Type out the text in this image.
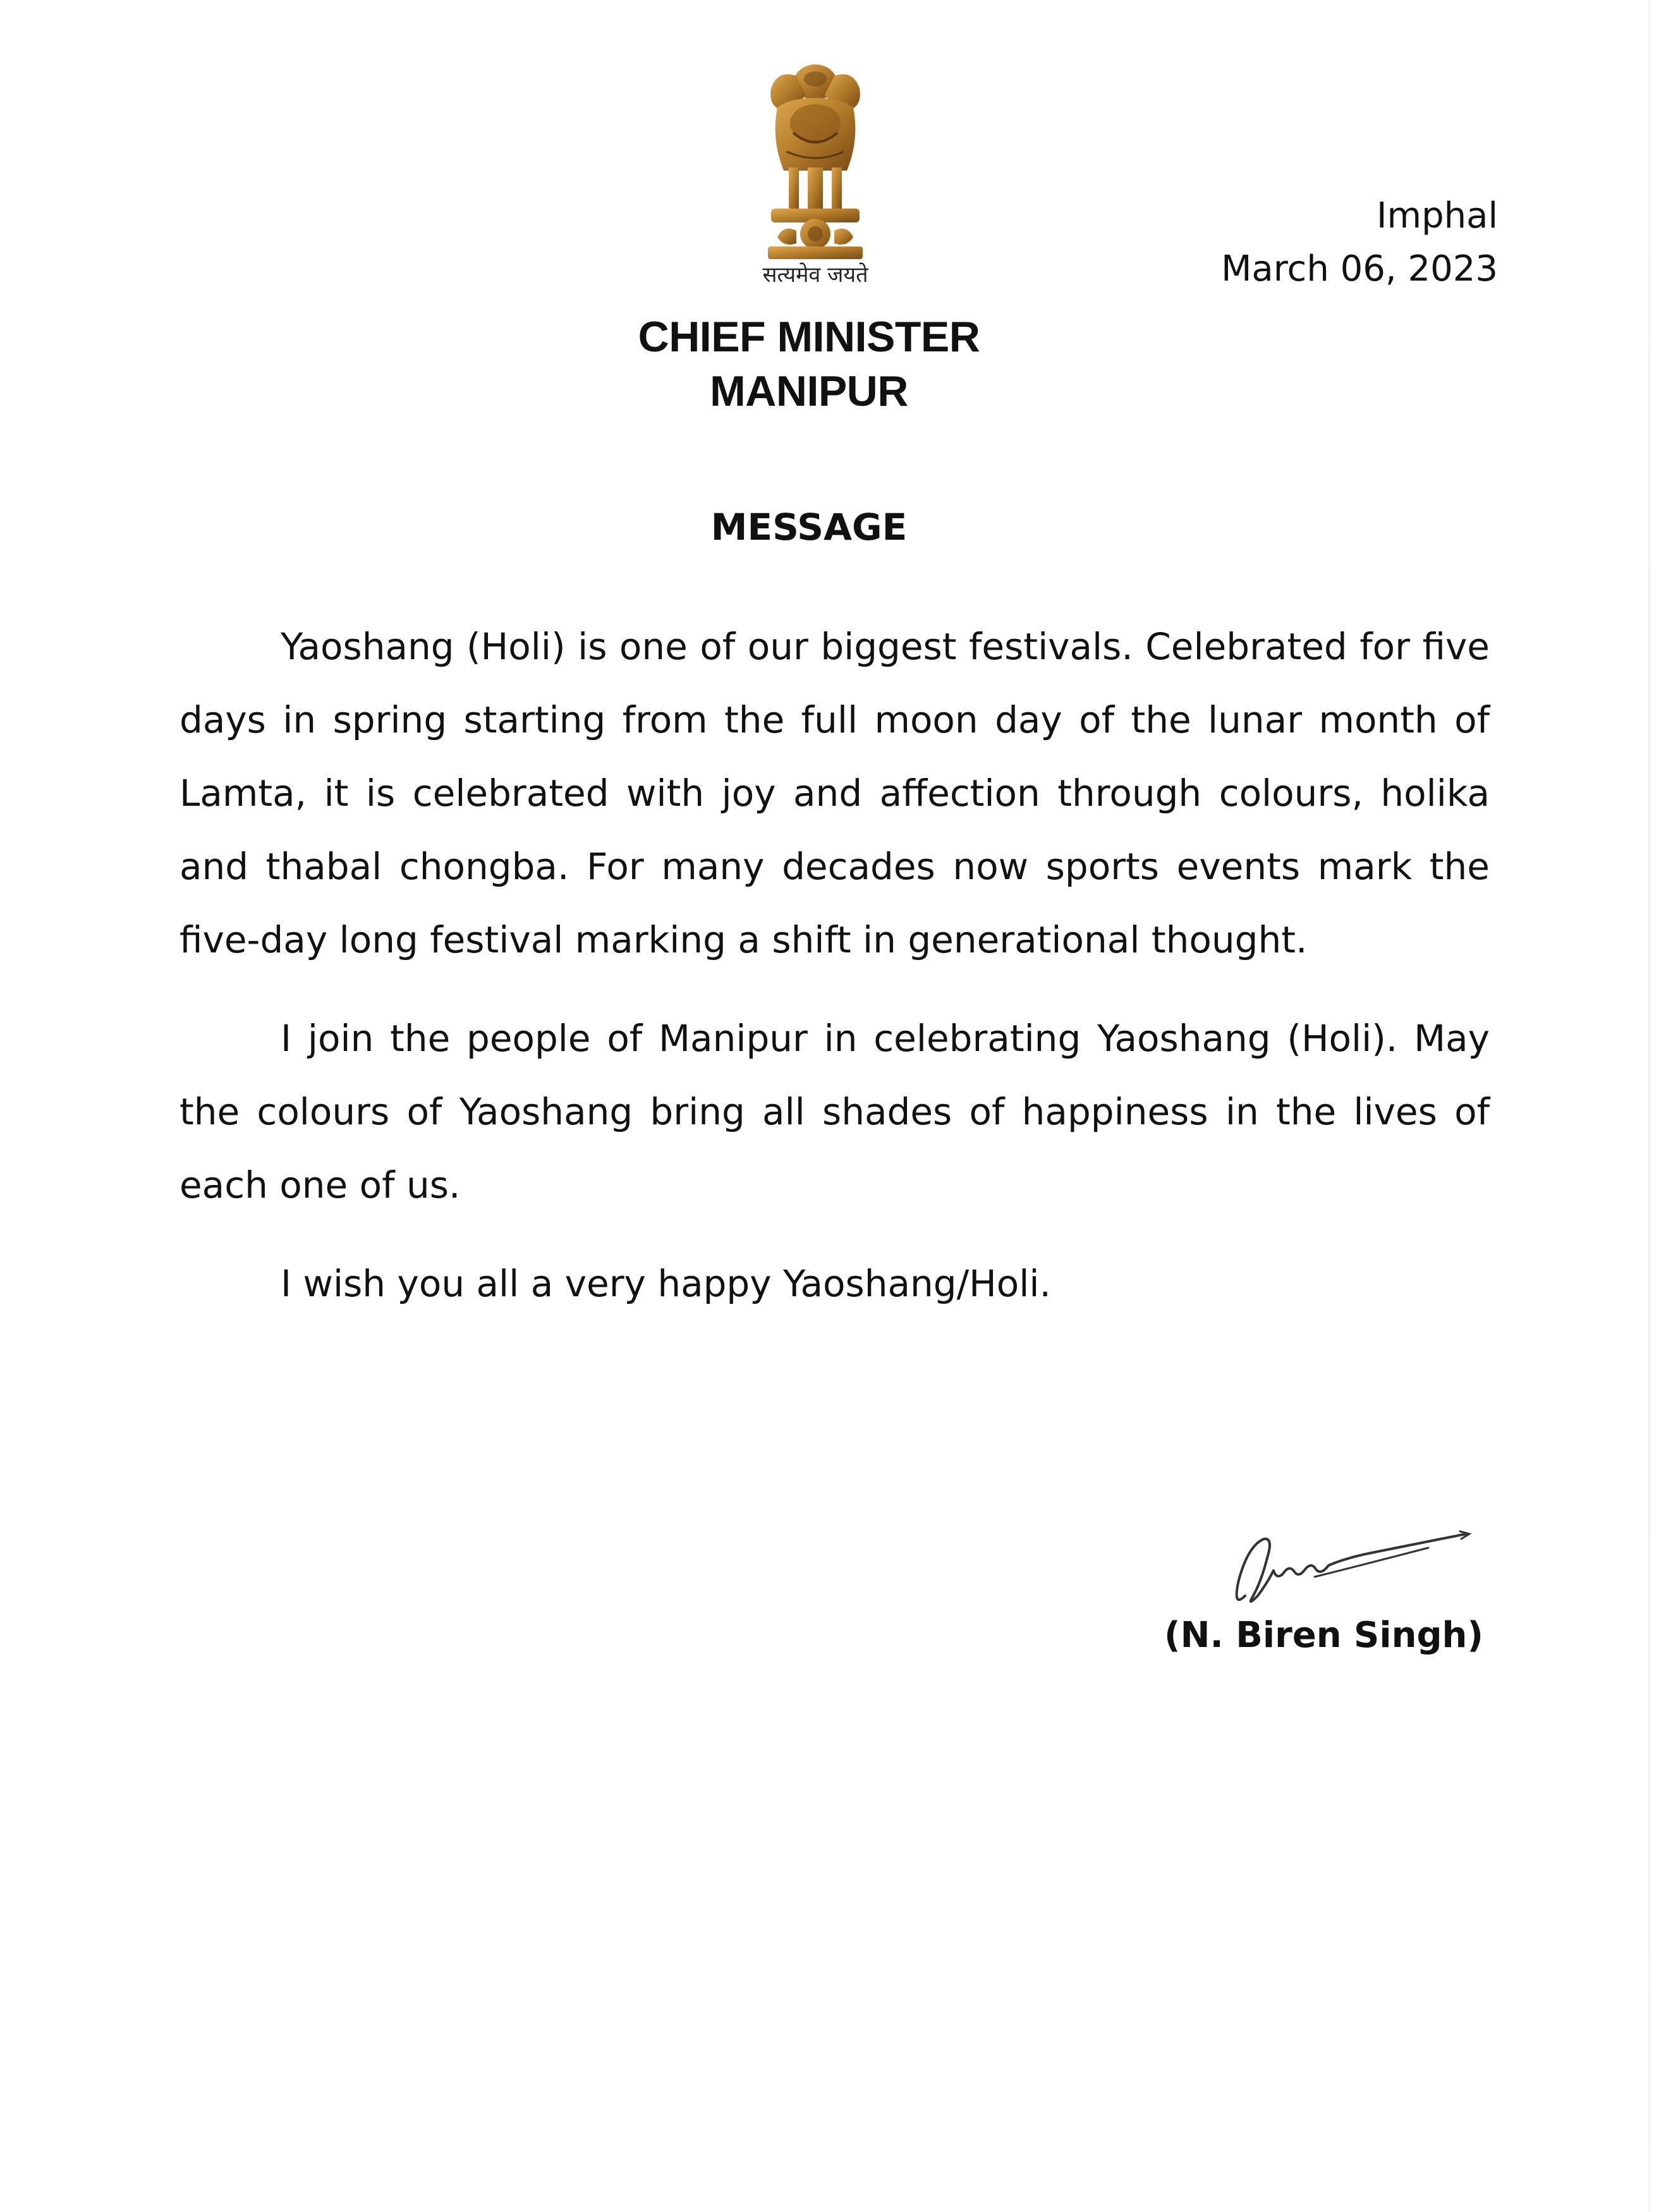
सत्यमेव जयते
Imphal
March 06, 2023
CHIEF MINISTER
MANIPUR
MESSAGE

Yaoshang (Holi) is one of our biggest festivals. Celebrated for five days in spring starting from the full moon day of the lunar month of Lamta, it is celebrated with joy and affection through colours, holika and thabal chongba. For many decades now sports events mark the five-day long festival marking a shift in generational thought.

I join the people of Manipur in celebrating Yaoshang (Holi). May the colours of Yaoshang bring all shades of happiness in the lives of each one of us.

I wish you all a very happy Yaoshang/Holi.

(N. Biren Singh)
